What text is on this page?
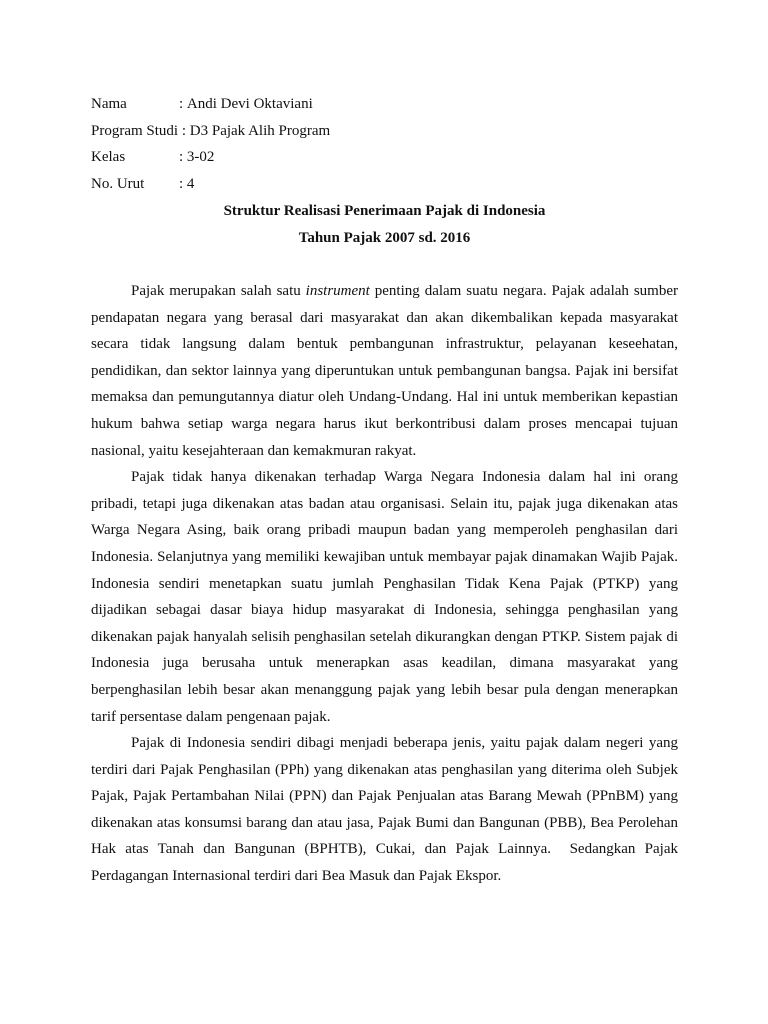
Nama	: Andi Devi Oktaviani
Program Studi : D3 Pajak Alih Program
Kelas	: 3-02
No. Urut	: 4
Struktur Realisasi Penerimaan Pajak di Indonesia
Tahun Pajak 2007 sd. 2016

Pajak merupakan salah satu instrument penting dalam suatu negara. Pajak adalah sumber pendapatan negara yang berasal dari masyarakat dan akan dikembalikan kepada masyarakat secara tidak langsung dalam bentuk pembangunan infrastruktur, pelayanan keseehatan, pendidikan, dan sektor lainnya yang diperuntukan untuk pembangunan bangsa. Pajak ini bersifat memaksa dan pemungutannya diatur oleh Undang-Undang. Hal ini untuk memberikan kepastian hukum bahwa setiap warga negara harus ikut berkontribusi dalam proses mencapai tujuan nasional, yaitu kesejahteraan dan kemakmuran rakyat.

Pajak tidak hanya dikenakan terhadap Warga Negara Indonesia dalam hal ini orang pribadi, tetapi juga dikenakan atas badan atau organisasi. Selain itu, pajak juga dikenakan atas Warga Negara Asing, baik orang pribadi maupun badan yang memperoleh penghasilan dari Indonesia. Selanjutnya yang memiliki kewajiban untuk membayar pajak dinamakan Wajib Pajak. Indonesia sendiri menetapkan suatu jumlah Penghasilan Tidak Kena Pajak (PTKP) yang dijadikan sebagai dasar biaya hidup masyarakat di Indonesia, sehingga penghasilan yang dikenakan pajak hanyalah selisih penghasilan setelah dikurangkan dengan PTKP. Sistem pajak di Indonesia juga berusaha untuk menerapkan asas keadilan, dimana masyarakat yang berpenghasilan lebih besar akan menanggung pajak yang lebih besar pula dengan menerapkan tarif persentase dalam pengenaan pajak.

Pajak di Indonesia sendiri dibagi menjadi beberapa jenis, yaitu pajak dalam negeri yang terdiri dari Pajak Penghasilan (PPh) yang dikenakan atas penghasilan yang diterima oleh Subjek Pajak, Pajak Pertambahan Nilai (PPN) dan Pajak Penjualan atas Barang Mewah (PPnBM) yang dikenakan atas konsumsi barang dan atau jasa, Pajak Bumi dan Bangunan (PBB), Bea Perolehan Hak atas Tanah dan Bangunan (BPHTB), Cukai, dan Pajak Lainnya.  Sedangkan Pajak Perdagangan Internasional terdiri dari Bea Masuk dan Pajak Ekspor.
